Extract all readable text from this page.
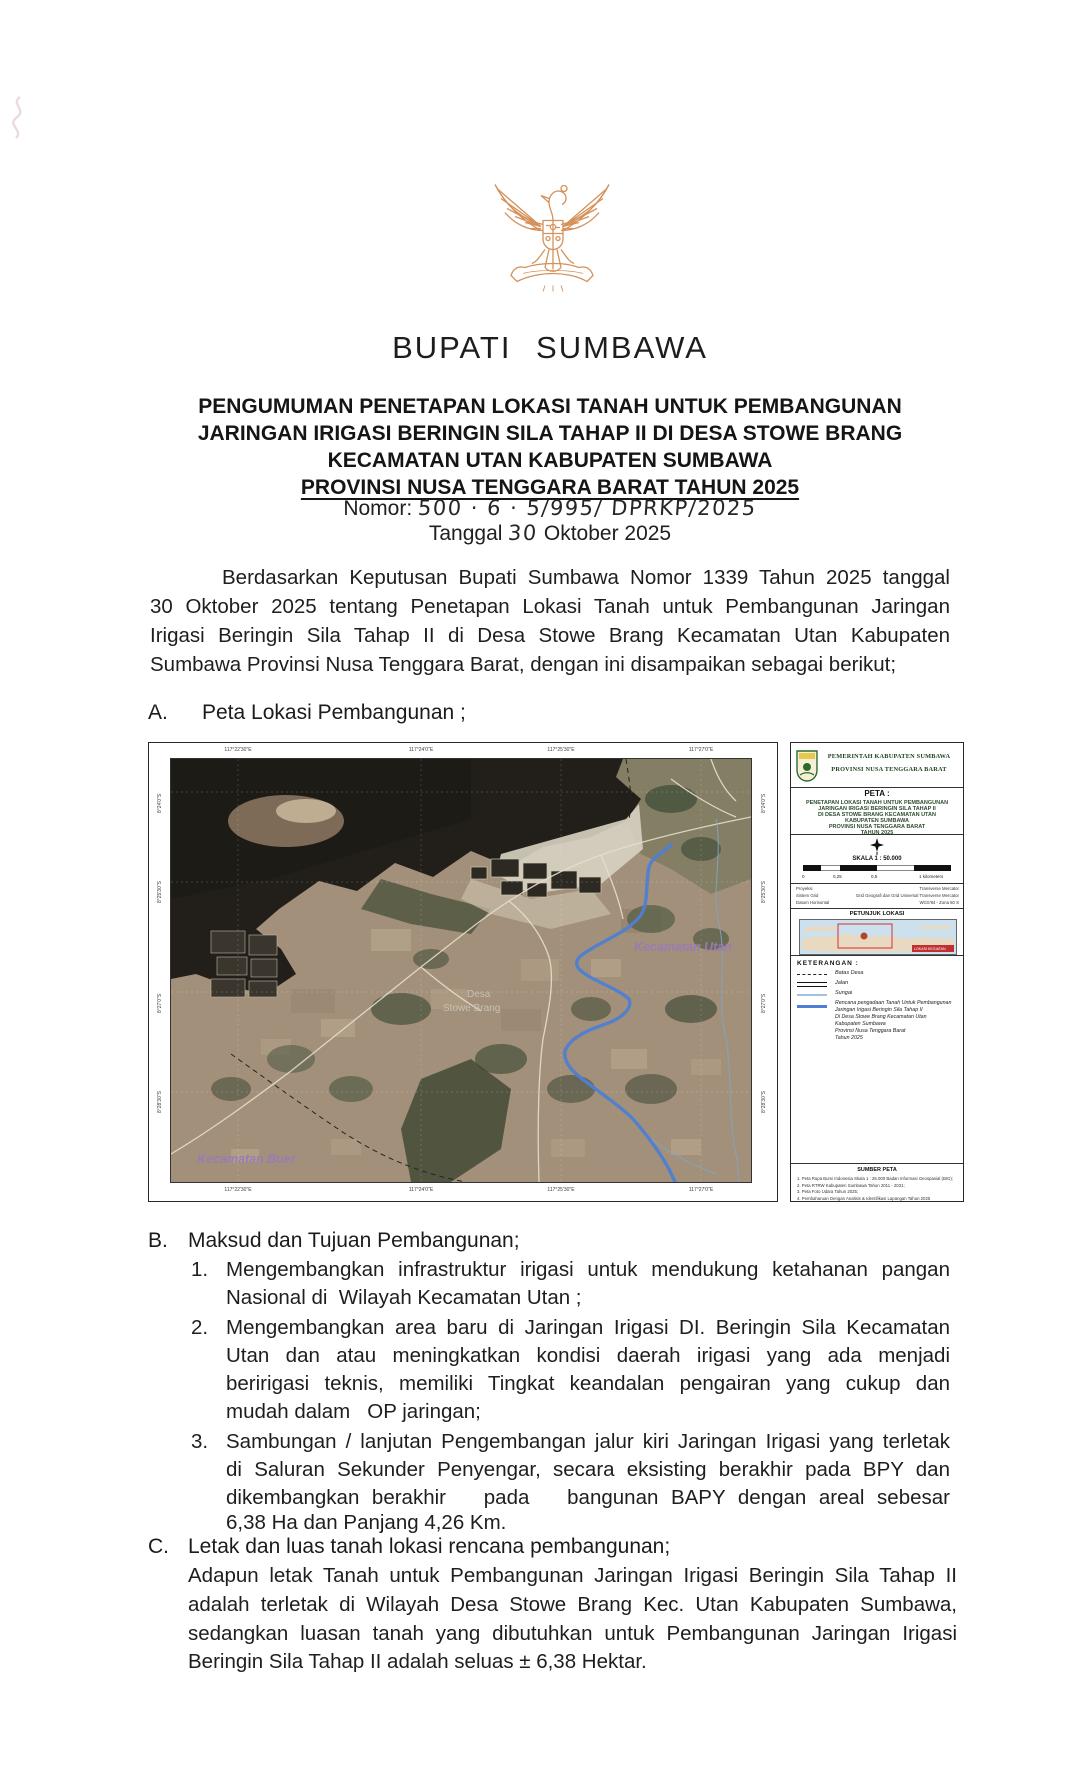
BUPATI SUMBAWA
PENGUMUMAN PENETAPAN LOKASI TANAH UNTUK PEMBANGUNAN
JARINGAN IRIGASI BERINGIN SILA TAHAP II DI DESA STOWE BRANG
KECAMATAN UTAN KABUPATEN SUMBAWA
PROVINSI NUSA TENGGARA BARAT TAHUN 2025
Nomor: 500 · 6 · 5/995/ DPRKP/2025
Tanggal 30 Oktober 2025
Berdasarkan Keputusan Bupati Sumbawa Nomor 1339 Tahun 2025 tanggal
30 Oktober 2025 tentang Penetapan Lokasi Tanah untuk Pembangunan Jaringan
Irigasi Beringin Sila Tahap II di Desa Stowe Brang Kecamatan Utan Kabupaten
Sumbawa Provinsi Nusa Tenggara Barat, dengan ini disampaikan sebagai berikut;
A. Peta Lokasi Pembangunan ;
117°22'30"E	117°24'0"E	117°25'30"E	117°27'0"E
117°22'30"E	117°24'0"E	117°25'30"E	117°27'0"E
8°24'0"S
8°25'30"S
8°27'0"S
8°28'30"S
8°24'0"S
8°25'30"S
8°27'0"S
8°28'30"S
Kecamatan Utan
Kecamatan Buer
Desa
Stowe Brang
PEMERINTAH KABUPATEN SUMBAWA
PROVINSI NUSA TENGGARA BARAT
PETA :
PENETAPAN LOKASI TANAH UNTUK PEMBANGUNAN
JARINGAN IRIGASI BERINGIN SILA TAHAP II
DI DESA STOWE BRANG KECAMATAN UTAN
KABUPATEN SUMBAWA
PROVINSI NUSA TENGGARA BARAT
TAHUN 2025
SKALA 1 : 50.000
0	0,25	0,5	1 kilometers
Proyeksi	Transverse Mercator
Sistem Grid	Grid Geografi dan Grid Universal Transverse Mercator
Datum Horisontal	WGS'84 - Zona 50 S
PETUNJUK LOKASI
LOKASI KEGIATAN
KETERANGAN :
Batas Desa
Jalan
Sungai
Rencana pengadaan Tanah Untuk Pembangunan
Jaringan Irigasi Beringin Sila Tahap II
Di Desa Stowe Brang Kecamatan Utan
Kabupaten Sumbawa
Provinsi Nusa Tenggara Barat
Tahun 2025
SUMBER PETA
1. Peta Rupa Bumi Indonesia Skala 1 : 25.000 Badan Informasi Geospasial (BIG);
2. Peta RTRW Kabupaten Sumbawa Tahun 2011 - 2031;
3. Peta Foto Udara Tahun 2025;
4. Pembaharuan Dengan Analisis & Identifikasi Lapangan Tahun 2025
B. Maksud dan Tujuan Pembangunan;
1. Mengembangkan infrastruktur irigasi untuk mendukung ketahanan pangan
Nasional di  Wilayah Kecamatan Utan ;
2. Mengembangkan area baru di Jaringan Irigasi DI. Beringin Sila Kecamatan
Utan dan atau meningkatkan kondisi daerah irigasi yang ada menjadi
beririgasi teknis, memiliki Tingkat keandalan pengairan yang cukup dan
mudah dalam   OP jaringan;
3. Sambungan / lanjutan Pengembangan jalur kiri Jaringan Irigasi yang terletak
di Saluran Sekunder Penyengar, secara eksisting berakhir pada BPY dan
dikembangkan berakhir   pada   bangunan BAPY dengan areal sebesar
6,38 Ha dan Panjang 4,26 Km.
C. Letak dan luas tanah lokasi rencana pembangunan;
Adapun letak Tanah untuk Pembangunan Jaringan Irigasi Beringin Sila Tahap II
adalah terletak di Wilayah Desa Stowe Brang Kec. Utan Kabupaten Sumbawa,
sedangkan luasan tanah yang dibutuhkan untuk Pembangunan Jaringan Irigasi
Beringin Sila Tahap II adalah seluas ± 6,38 Hektar.
